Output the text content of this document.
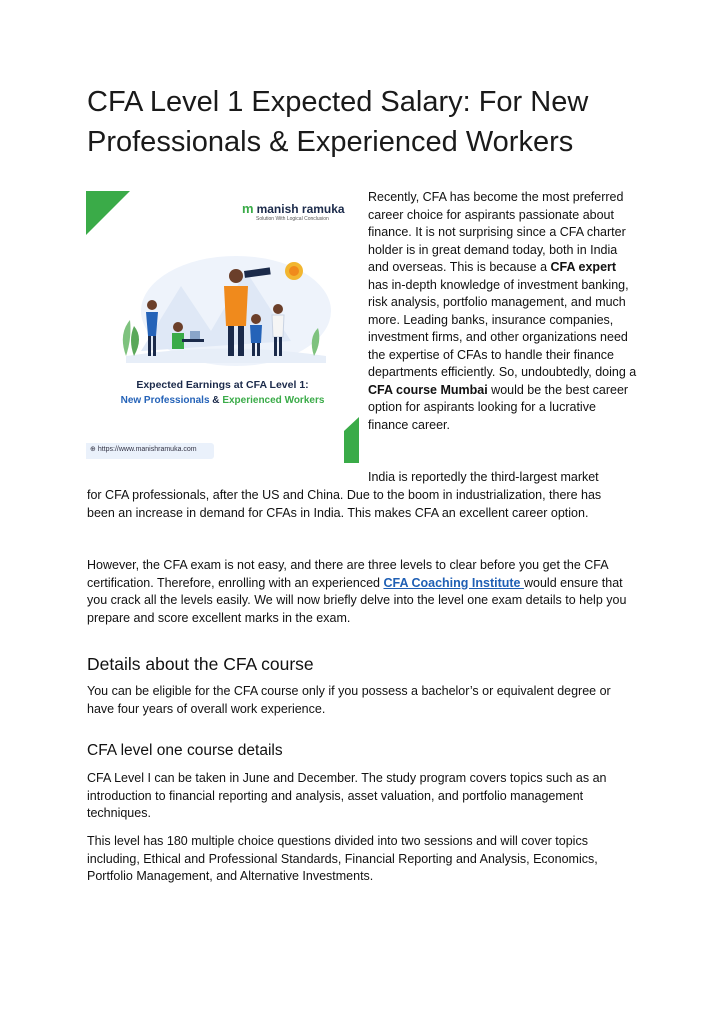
CFA Level 1 Expected Salary: For New Professionals & Experienced Workers
m manish ramuka
Solution With Logical Conclusion
Expected Earnings at CFA Level 1:
New Professionals & Experienced Workers
⊕ https://www.manishramuka.com

Recently, CFA has become the most preferred career choice for aspirants passionate about finance. It is not surprising since a CFA charter holder is in great demand today, both in India and overseas. This is because a CFA expert has in-depth knowledge of investment banking, risk analysis, portfolio management, and much more. Leading banks, insurance companies, investment firms, and other organizations need the expertise of CFAs to handle their finance departments efficiently. So, undoubtedly, doing a CFA course Mumbai would be the best career option for aspirants looking for a lucrative finance career.

India is reportedly the third-largest market

for CFA professionals, after the US and China. Due to the boom in industrialization, there has been an increase in demand for CFAs in India. This makes CFA an excellent career option.

However, the CFA exam is not easy, and there are three levels to clear before you get the CFA certification. Therefore, enrolling with an experienced CFA Coaching Institute would ensure that you crack all the levels easily. We will now briefly delve into the level one exam details to help you prepare and score excellent marks in the exam.

Details about the CFA course

You can be eligible for the CFA course only if you possess a bachelor’s or equivalent degree or have four years of overall work experience.

CFA level one course details

CFA Level I can be taken in June and December. The study program covers topics such as an introduction to financial reporting and analysis, asset valuation, and portfolio management techniques.

This level has 180 multiple choice questions divided into two sessions and will cover topics including, Ethical and Professional Standards, Financial Reporting and Analysis, Economics, Portfolio Management, and Alternative Investments.
